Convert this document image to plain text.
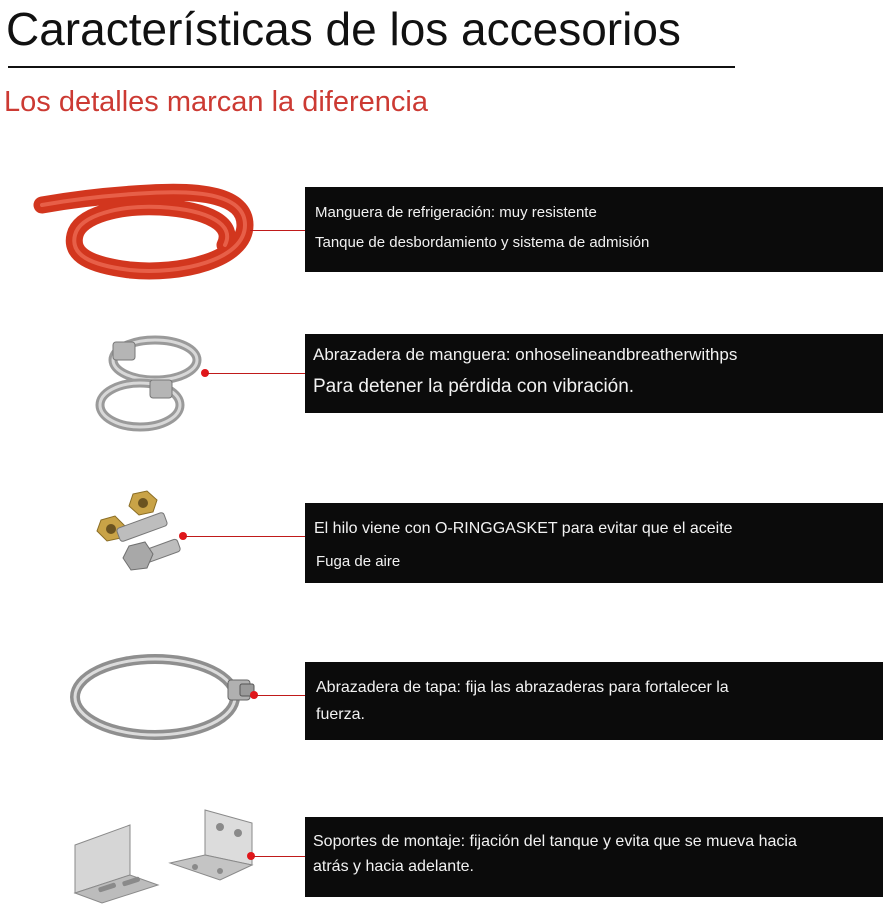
Características de los accesorios
Los detalles marcan la diferencia
Manguera de refrigeración: muy resistente
Tanque de desbordamiento y sistema de admisión
Abrazadera de manguera: onhoselineandbreatherwithps
Para detener la pérdida con vibración.
El hilo viene con O-RINGGASKET para evitar que el aceite
Fuga de aire
Abrazadera de tapa: fija las abrazaderas para fortalecer la
fuerza.
Soportes de montaje: fijación del tanque y evita que se mueva hacia
atrás y hacia adelante.
